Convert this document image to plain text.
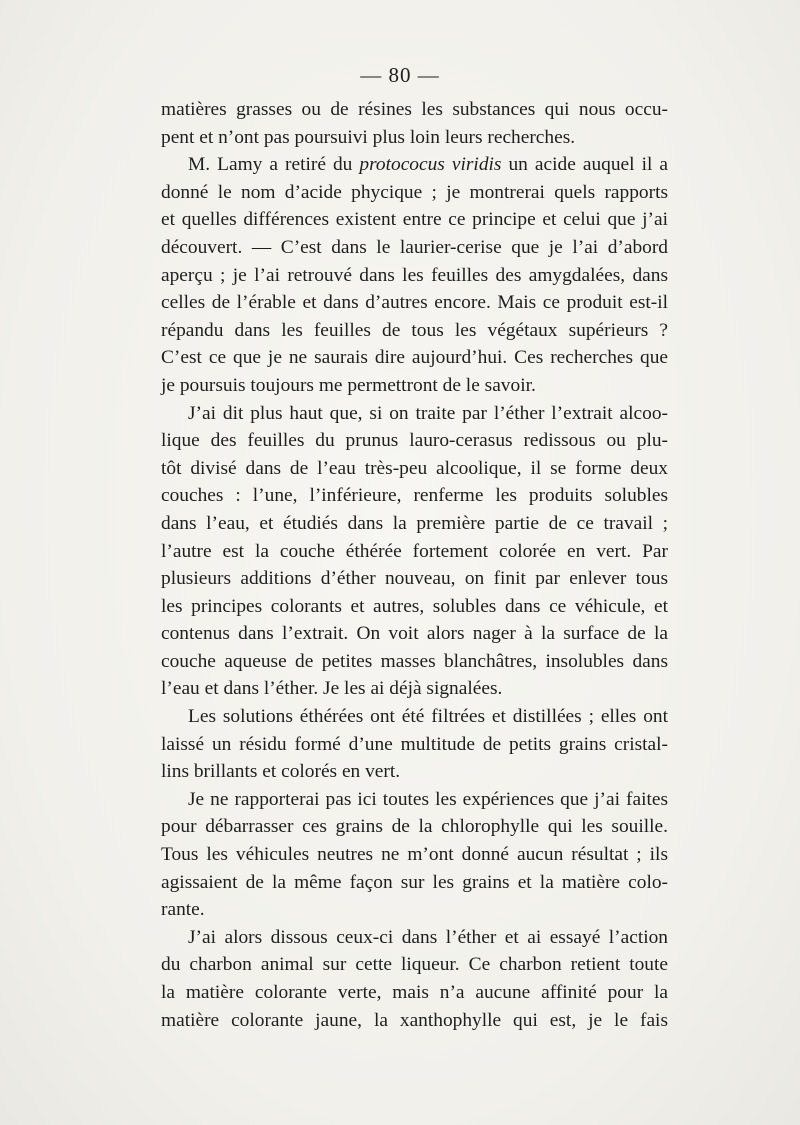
— 80 —
matières grasses ou de résines les substances qui nous occu-
pent et n’ont pas poursuivi plus loin leurs recherches.
M. Lamy a retiré du protococus viridis un acide auquel il a
donné le nom d’acide phycique ; je montrerai quels rapports
et quelles différences existent entre ce principe et celui que j’ai
découvert. — C’est dans le laurier-cerise que je l’ai d’abord
aperçu ; je l’ai retrouvé dans les feuilles des amygdalées, dans
celles de l’érable et dans d’autres encore. Mais ce produit est-il
répandu dans les feuilles de tous les végétaux supérieurs ?
C’est ce que je ne saurais dire aujourd’hui. Ces recherches que
je poursuis toujours me permettront de le savoir.
J’ai dit plus haut que, si on traite par l’éther l’extrait alcoo-
lique des feuilles du prunus lauro-cerasus redissous ou plu-
tôt divisé dans de l’eau très-peu alcoolique, il se forme deux
couches : l’une, l’inférieure, renferme les produits solubles
dans l’eau, et étudiés dans la première partie de ce travail ;
l’autre est la couche éthérée fortement colorée en vert. Par
plusieurs additions d’éther nouveau, on finit par enlever tous
les principes colorants et autres, solubles dans ce véhicule, et
contenus dans l’extrait. On voit alors nager à la surface de la
couche aqueuse de petites masses blanchâtres, insolubles dans
l’eau et dans l’éther. Je les ai déjà signalées.
Les solutions éthérées ont été filtrées et distillées ; elles ont
laissé un résidu formé d’une multitude de petits grains cristal-
lins brillants et colorés en vert.
Je ne rapporterai pas ici toutes les expériences que j’ai faites
pour débarrasser ces grains de la chlorophylle qui les souille.
Tous les véhicules neutres ne m’ont donné aucun résultat ; ils
agissaient de la même façon sur les grains et la matière colo-
rante.
J’ai alors dissous ceux-ci dans l’éther et ai essayé l’action
du charbon animal sur cette liqueur. Ce charbon retient toute
la matière colorante verte, mais n’a aucune affinité pour la
matière colorante jaune, la xanthophylle qui est, je le fais
